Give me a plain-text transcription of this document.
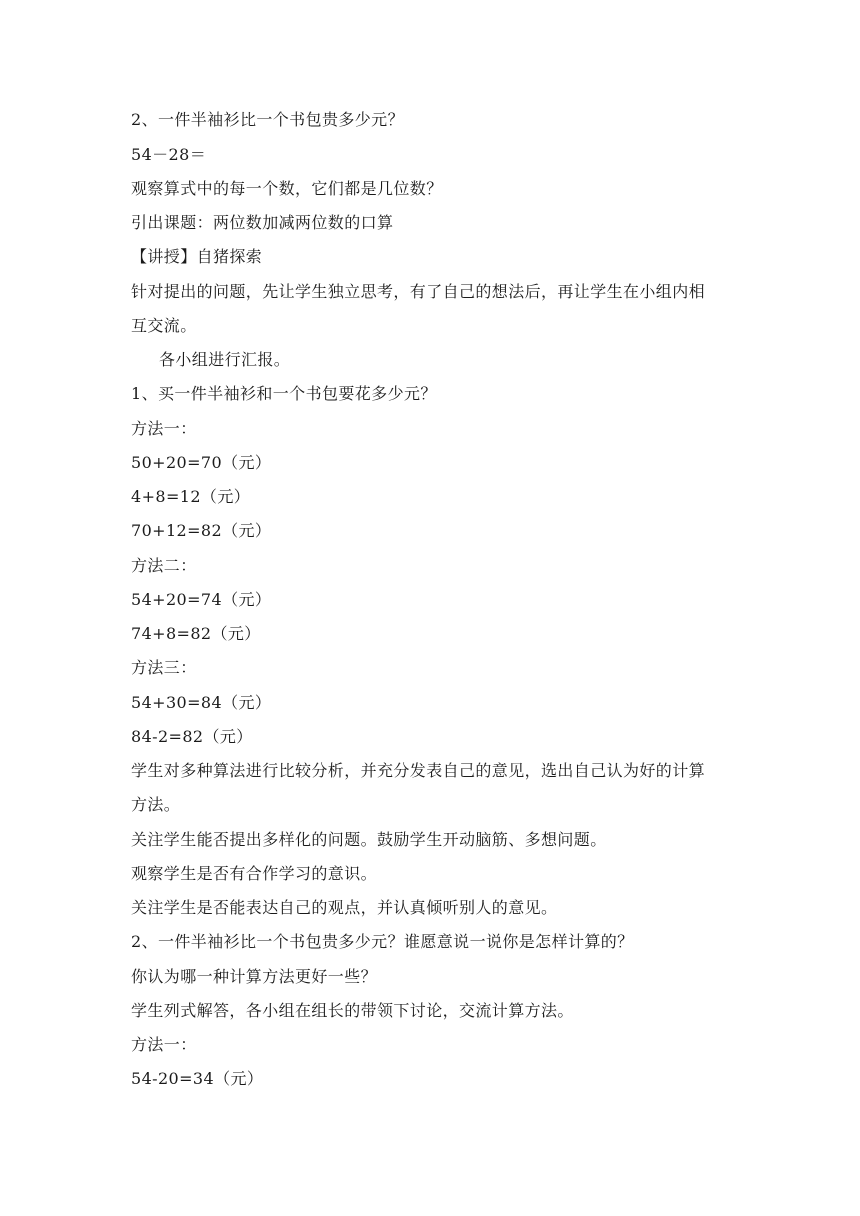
2、一件半袖衫比一个书包贵多少元？
54－28＝
观察算式中的每一个数，它们都是几位数？
引出课题：两位数加减两位数的口算
【讲授】自猪探索
针对提出的问题，先让学生独立思考，有了自己的想法后，再让学生在小组内相
互交流。
各小组进行汇报。
1、买一件半袖衫和一个书包要花多少元？
方法一：
50+20=70（元）
4+8=12（元）
70+12=82（元）
方法二：
54+20=74（元）
74+8=82（元）
方法三：
54+30=84（元）
84-2=82（元）
学生对多种算法进行比较分析，并充分发表自己的意见，选出自己认为好的计算
方法。
关注学生能否提出多样化的问题。鼓励学生开动脑筋、多想问题。
观察学生是否有合作学习的意识。
关注学生是否能表达自己的观点，并认真倾听别人的意见。
2、一件半袖衫比一个书包贵多少元？谁愿意说一说你是怎样计算的？
你认为哪一种计算方法更好一些？
学生列式解答，各小组在组长的带领下讨论，交流计算方法。
方法一：
54-20=34（元）
